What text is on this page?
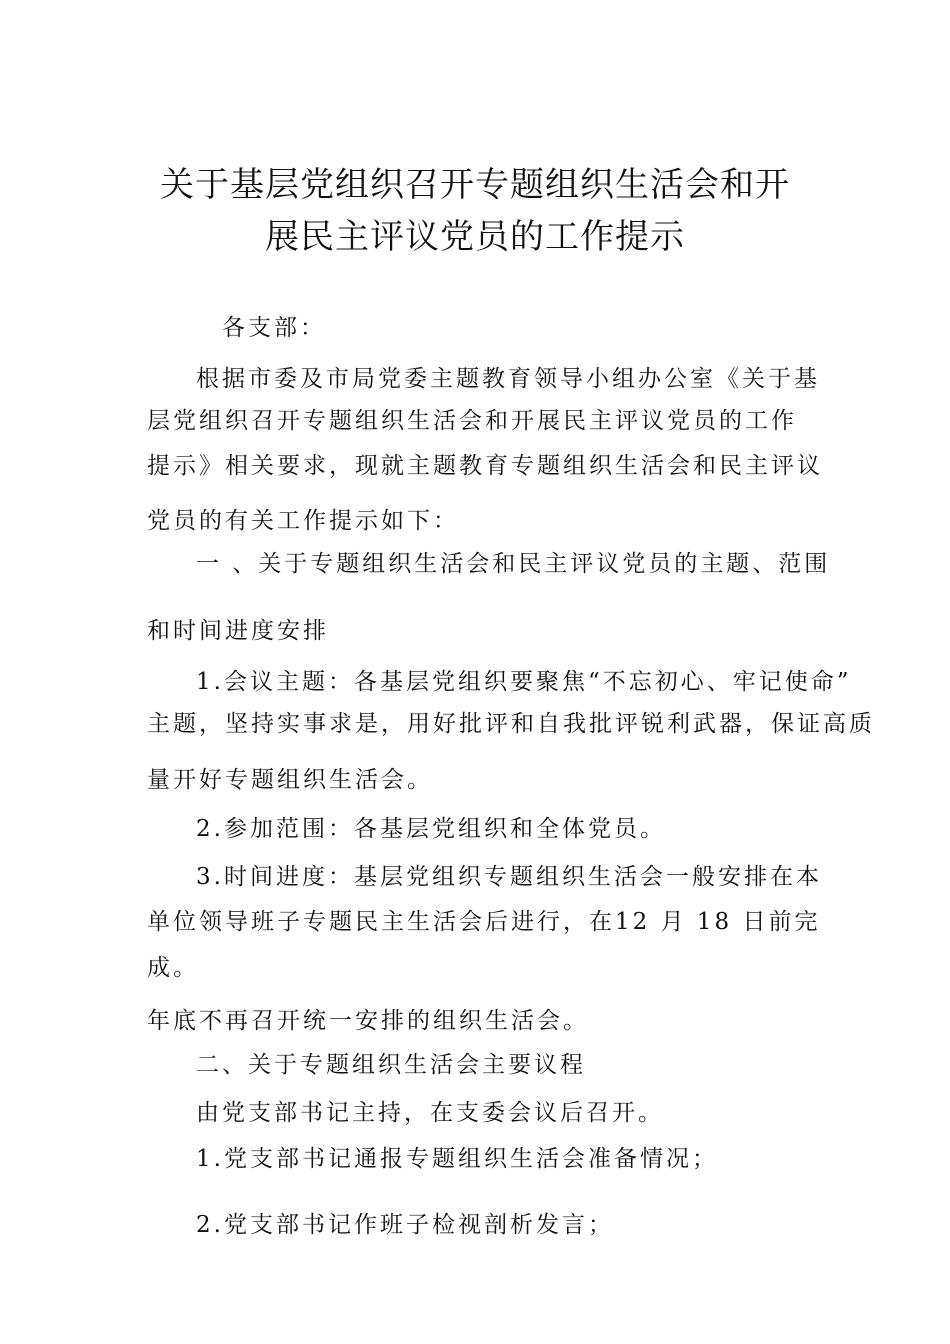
关于基层党组织召开专题组织生活会和开
展民主评议党员的工作提示
各支部：
根据市委及市局党委主题教育领导小组办公室《关于基
层党组织召开专题组织生活会和开展民主评议党员的工作
提示》相关要求，现就主题教育专题组织生活会和民主评议
党员的有关工作提示如下：
一 、关于专题组织生活会和民主评议党员的主题、范围
和时间进度安排
1.会议主题：各基层党组织要聚焦“不忘初心、牢记使命”
主题，坚持实事求是，用好批评和自我批评锐利武器，保证高质
量开好专题组织生活会。
2.参加范围：各基层党组织和全体党员。
3.时间进度：基层党组织专题组织生活会一般安排在本
单位领导班子专题民主生活会后进行，在12 月 18 日前完
成。
年底不再召开统一安排的组织生活会。
二、关于专题组织生活会主要议程
由党支部书记主持，在支委会议后召开。
1.党支部书记通报专题组织生活会准备情况；
2.党支部书记作班子检视剖析发言；
